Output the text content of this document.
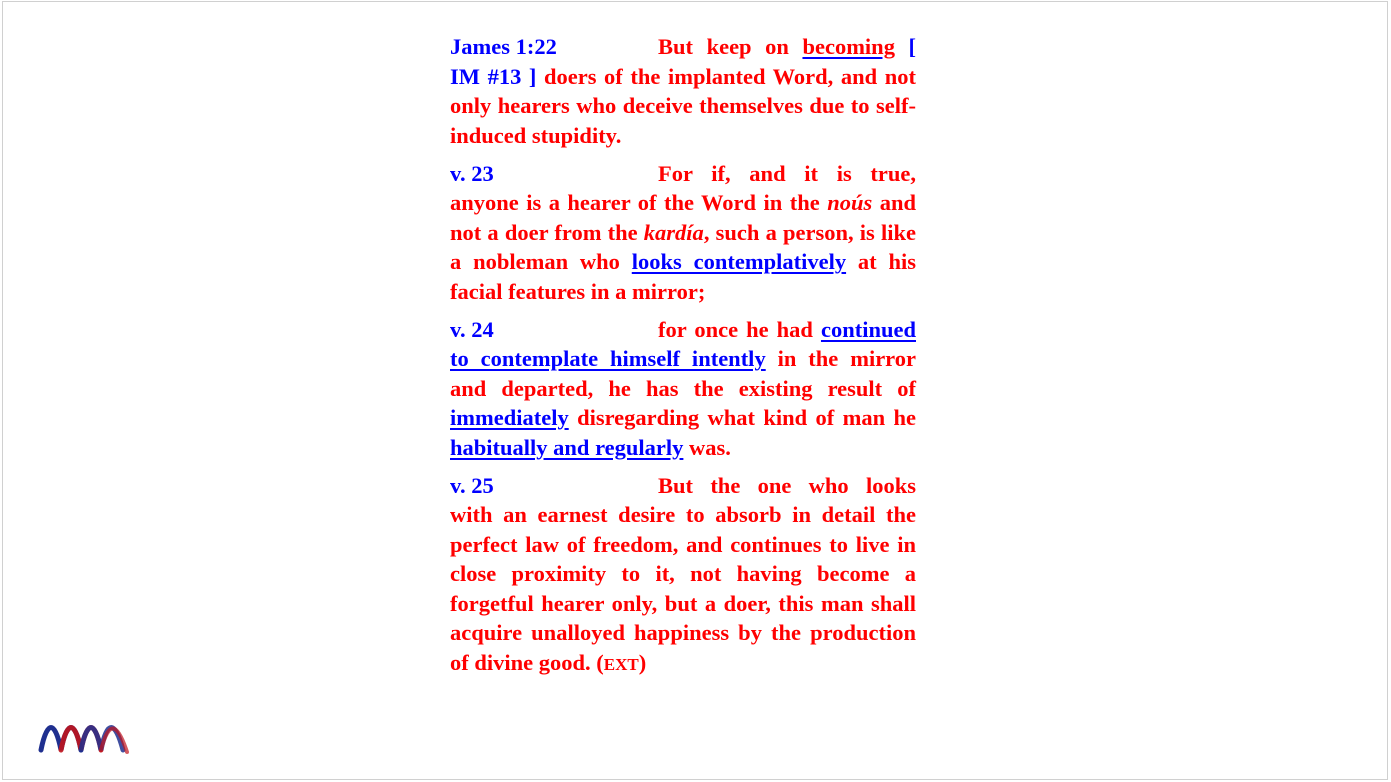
James 1:22	But keep on becoming [ IM #13 ] doers of the implanted Word, and not only hearers who deceive themselves due to self-induced stupidity.

v. 23	For if, and it is true, anyone is a hearer of the Word in the noús and not a doer from the kardía, such a person, is like a nobleman who looks contemplatively at his facial features in a mirror;

v. 24	for once he had continued to contemplate himself intently in the mirror and departed, he has the existing result of immediately disregarding what kind of man he habitually and regularly was.

v. 25	But the one who looks with an earnest desire to absorb in detail the perfect law of freedom, and continues to live in close proximity to it, not having become a forgetful hearer only, but a doer, this man shall acquire unalloyed happiness by the production of divine good. (EXT)
